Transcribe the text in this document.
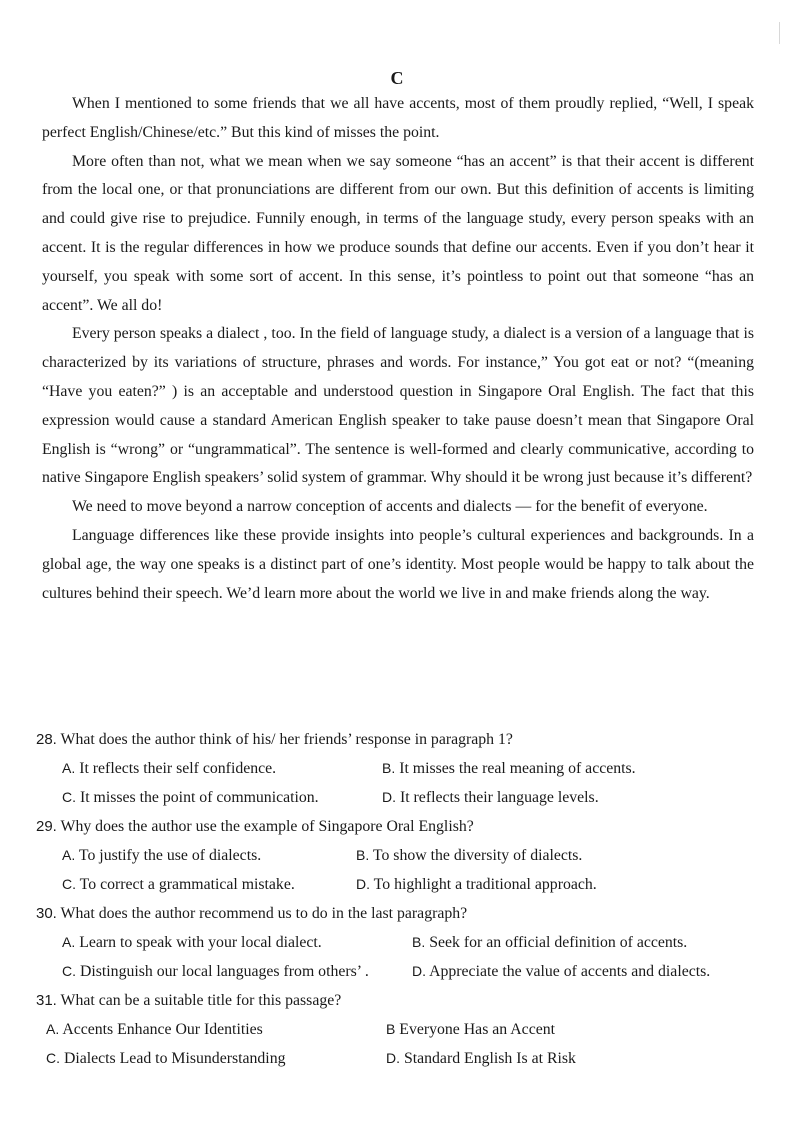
C

When I mentioned to some friends that we all have accents, most of them proudly replied, “Well, I speak perfect English/Chinese/etc.” But this kind of misses the point.

More often than not, what we mean when we say someone “has an accent” is that their accent is different from the local one, or that pronunciations are different from our own. But this definition of accents is limiting and could give rise to prejudice. Funnily enough, in terms of the language study, every person speaks with an accent. It is the regular differences in how we produce sounds that define our accents. Even if you don’t hear it yourself, you speak with some sort of accent. In this sense, it’s pointless to point out that someone “has an accent”. We all do!

Every person speaks a dialect , too. In the field of language study, a dialect is a version of a language that is characterized by its variations of structure, phrases and words. For instance,” You got eat or not? “(meaning “Have you eaten?” ) is an acceptable and understood question in Singapore Oral English. The fact that this expression would cause a standard American English speaker to take pause doesn’t mean that Singapore Oral English is “wrong” or “ungrammatical”. The sentence is well-formed and clearly communicative, according to native Singapore English speakers’ solid system of grammar. Why should it be wrong just because it’s different?

We need to move beyond a narrow conception of accents and dialects — for the benefit of everyone.

Language differences like these provide insights into people’s cultural experiences and backgrounds. In a global age, the way one speaks is a distinct part of one’s identity. Most people would be happy to talk about the cultures behind their speech. We’d learn more about the world we live in and make friends along the way.

28. What does the author think of his/ her friends’ response in paragraph 1?
A. It reflects their self confidence.	B. It misses the real meaning of accents.
C. It misses the point of communication.	D. It reflects their language levels.
29. Why does the author use the example of Singapore Oral English?
A. To justify the use of dialects.	B. To show the diversity of dialects.
C. To correct a grammatical mistake.	D. To highlight a traditional approach.
30. What does the author recommend us to do in the last paragraph?
A. Learn to speak with your local dialect.	B. Seek for an official definition of accents.
C. Distinguish our local languages from others’ .	D. Appreciate the value of accents and dialects.
31. What can be a suitable title for this passage?
A. Accents Enhance Our Identities	B Everyone Has an Accent
C. Dialects Lead to Misunderstanding	D. Standard English Is at Risk
